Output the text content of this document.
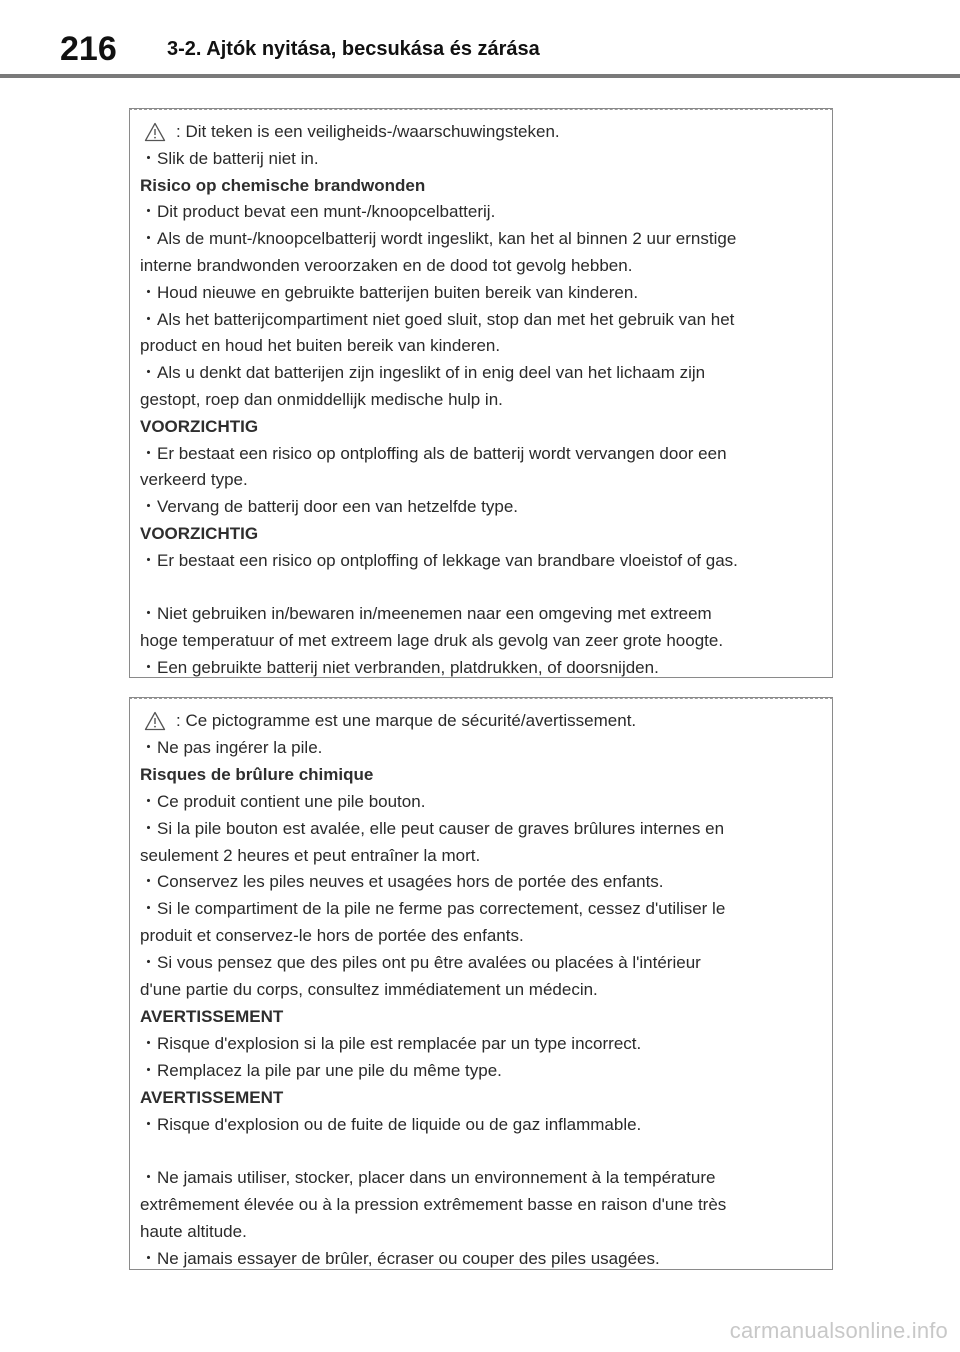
216	3-2. Ajtók nyitása, becsukása és zárása
: Dit teken is een veiligheids-/waarschuwingsteken.
・Slik de batterij niet in.
Risico op chemische brandwonden
・Dit product bevat een munt-/knoopcelbatterij.
・Als de munt-/knoopcelbatterij wordt ingeslikt, kan het al binnen 2 uur ernstige
interne brandwonden veroorzaken en de dood tot gevolg hebben.
・Houd nieuwe en gebruikte batterijen buiten bereik van kinderen.
・Als het batterijcompartiment niet goed sluit, stop dan met het gebruik van het
product en houd het buiten bereik van kinderen.
・Als u denkt dat batterijen zijn ingeslikt of in enig deel van het lichaam zijn
gestopt, roep dan onmiddellijk medische hulp in.
VOORZICHTIG
・Er bestaat een risico op ontploffing als de batterij wordt vervangen door een
verkeerd type.
・Vervang de batterij door een van hetzelfde type.
VOORZICHTIG
・Er bestaat een risico op ontploffing of lekkage van brandbare vloeistof of gas.
・Niet gebruiken in/bewaren in/meenemen naar een omgeving met extreem
hoge temperatuur of met extreem lage druk als gevolg van zeer grote hoogte.
・Een gebruikte batterij niet verbranden, platdrukken, of doorsnijden.
: Ce pictogramme est une marque de sécurité/avertissement.
・Ne pas ingérer la pile.
Risques de brûlure chimique
・Ce produit contient une pile bouton.
・Si la pile bouton est avalée, elle peut causer de graves brûlures internes en
seulement 2 heures et peut entraîner la mort.
・Conservez les piles neuves et usagées hors de portée des enfants.
・Si le compartiment de la pile ne ferme pas correctement, cessez d'utiliser le
produit et conservez-le hors de portée des enfants.
・Si vous pensez que des piles ont pu être avalées ou placées à l'intérieur
d'une partie du corps, consultez immédiatement un médecin.
AVERTISSEMENT
・Risque d'explosion si la pile est remplacée par un type incorrect.
・Remplacez la pile par une pile du même type.
AVERTISSEMENT
・Risque d'explosion ou de fuite de liquide ou de gaz inflammable.
・Ne jamais utiliser, stocker, placer dans un environnement à la température
extrêmement élevée ou à la pression extrêmement basse en raison d'une très
haute altitude.
・Ne jamais essayer de brûler, écraser ou couper des piles usagées.
carmanualsonline.info
